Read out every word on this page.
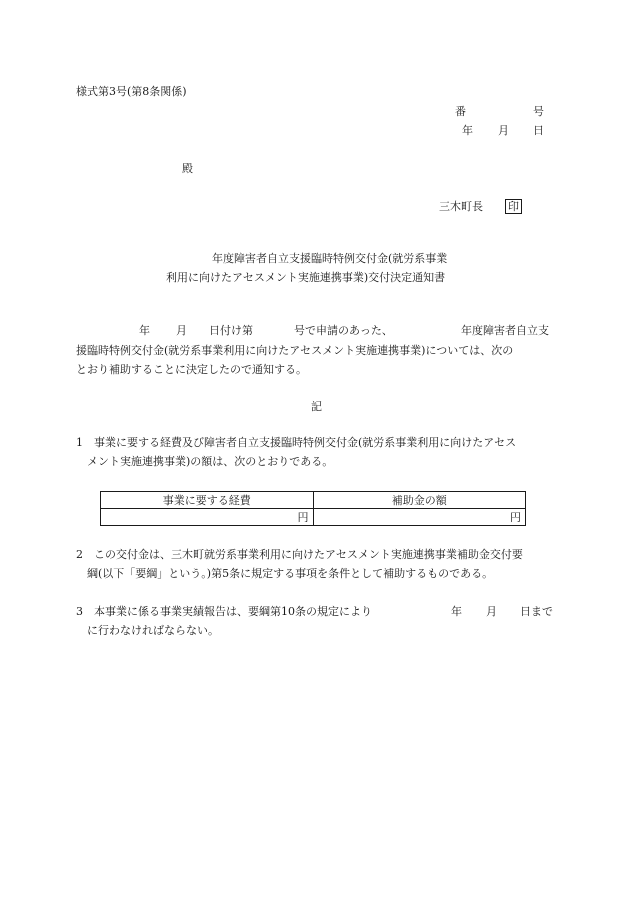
様式第3号(第8条関係)
番	号
年 月 日
殿
三木町長 印
年度障害者自立支援臨時特例交付金(就労系事業
利用に向けたアセスメント実施連携事業)交付決定通知書
年 月 日付け第	号で申請のあった、	年度障害者自立支
援臨時特例交付金(就労系事業利用に向けたアセスメント実施連携事業)については、次の
とおり補助することに決定したので通知する。
記
1　事業に要する経費及び障害者自立支援臨時特例交付金(就労系事業利用に向けたアセス
メント実施連携事業)の額は、次のとおりである。
事業に要する経費	補助金の額
円	円
2　この交付金は、三木町就労系事業利用に向けたアセスメント実施連携事業補助金交付要
綱(以下「要綱」という。)第5条に規定する事項を条件として補助するものである。
3　本事業に係る事業実績報告は、要綱第10条の規定により	年 月 日まで
に行わなければならない。
